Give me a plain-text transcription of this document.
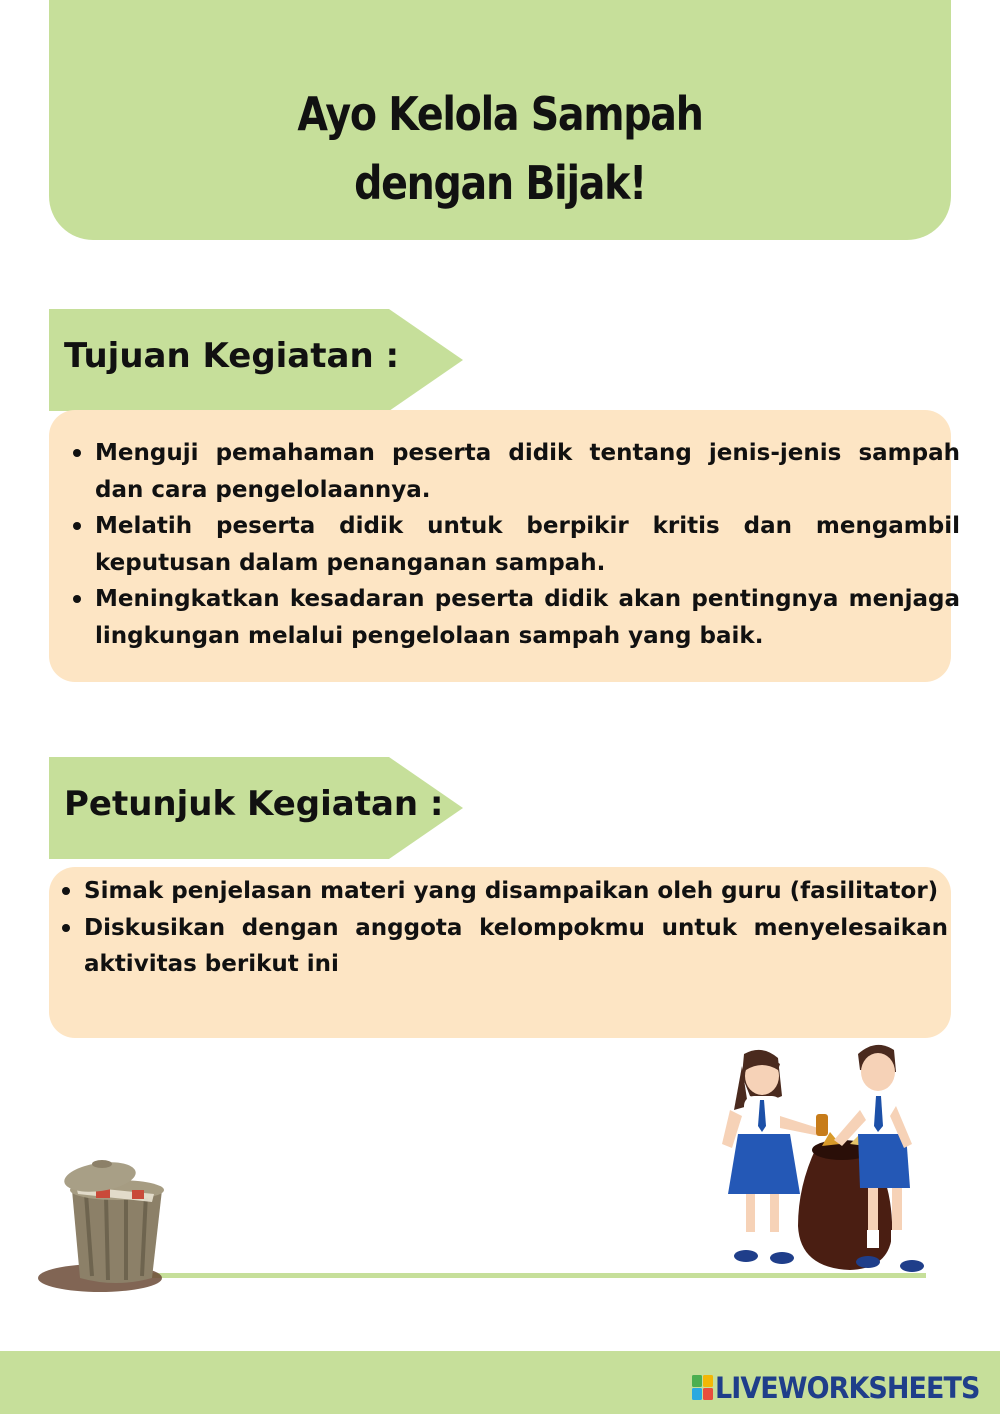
Ayo Kelola Sampah dengan Bijak!
Tujuan Kegiatan :
Menguji pemahaman peserta didik tentang jenis-jenis sampah dan cara pengelolaannya.
Melatih peserta didik untuk berpikir kritis dan mengambil keputusan dalam penanganan sampah.
Meningkatkan kesadaran peserta didik akan pentingnya menjaga lingkungan melalui pengelolaan sampah yang baik.
Petunjuk Kegiatan :
Simak penjelasan materi yang disampaikan oleh guru (fasilitator)
Diskusikan dengan anggota kelompokmu untuk menyelesaikan aktivitas berikut ini
LIVEWORKSHEETS
